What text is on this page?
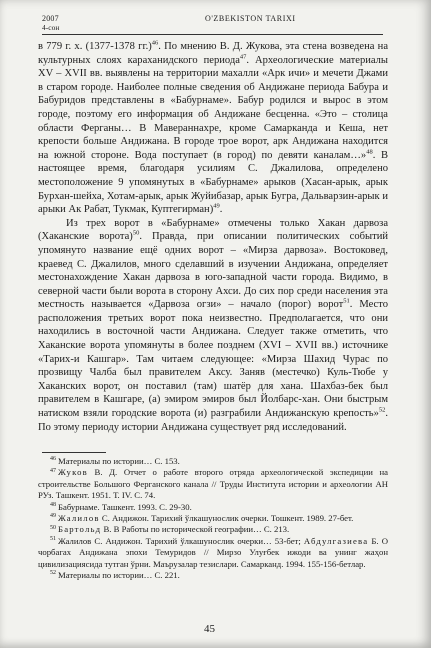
2007
4-сон
O'ZBEKISTON TARIXI

в 779 г. х. (1377-1378 гг.)$^{46}$. По мнению В. Д. Жукова, эта стена возведена на культурных слоях караханидского периода$^{47}$. Археологические материалы XV – XVII вв. выявлены на территории махалли «Арк ичи» и мечети Джами в старом городе. Наиболее полные сведения об Андижане периода Бабура и Бабуридов представлены в «Бабурнаме». Бабур родился и вырос в этом городе, поэтому его информация об Андижане бесценна. «Это – столица области Ферганы… В Мавераннахре, кроме Самарканда и Кеша, нет крепости больше Андижана. В городе трое ворот, арк Андижана находится на южной стороне. Вода поступает (в город) по девяти каналам…»$^{48}$. В настоящее время, благодаря усилиям С. Джалилова, определено местоположение 9 упомянутых в «Бабурнаме» арыков (Хасан-арык, арык Бурхан-шейха, Хотам-арык, арык Жуйибазар, арык Бугра, Дальварзин-арык и арыки Ак Рабат, Тукмак, Куптегирман)$^{49}$.

Из трех ворот в «Бабурнаме» отмечены только Хакан дарвоза (Хаканские ворота)$^{50}$. Правда, при описании политических событий упомянуто название ещё одних ворот – «Мирза дарвоза». Востоковед, краевед С. Джалилов, много сделавший в изучении Андижана, определяет местонахождение Хакан дарвоза в юго-западной части города. Видимо, в северной части были ворота в сторону Ахси. До сих пор среди населения эта местность называется «Дарвоза огзи» – начало (порог) ворот$^{51}$. Место расположения третьих ворот пока неизвестно. Предполагается, что они находились в восточной части Андижана. Следует также отметить, что Хаканские ворота упомянуты в более позднем (XVI – XVII вв.) источнике «Тарих-и Кашгар». Там читаем следующее: «Мирза Шахид Чурас по прозвищу Чалба был правителем Аксу. Заняв (местечко) Куль-Тюбе у Хаканских ворот, он поставил (там) шатёр для хана. Шахбаз-бек был правителем в Кашгаре, (а) эмиром эмиров был Йолбарс-хан. Они быстрым натиском взяли городские ворота (и) разграбили Андижанскую крепость»$^{52}$. По этому периоду истории Андижана существует ряд исследований.

$^{46}$ Материалы по истории… С. 153.

$^{47}$ Жуков В. Д. Отчет о работе второго отряда археологической экспедиции на строительстве Большого Ферганского канала // Труды Института истории и археологии АН РУз. Ташкент. 1951. Т. IV. С. 74.

$^{48}$ Бабурнаме. Ташкент. 1993. С. 29-30.

$^{49}$ Жалилов С. Андижон. Тарихий ўлкашунослик очерки. Тошкент. 1989. 27-бет.

$^{50}$ Бартольд В. В Работы по исторической географии… С. 213.

$^{51}$ Жалилов С. Андижон. Тарихий ўлкашунослик очерки… 53-бет; Абдулгазиева Б. О чорбагах Андижана эпохи Темуридов // Мирзо Улуғбек ижоди ва унинг жаҳон цивилизациясида тутган ўрни. Маърузалар тезислари. Самарканд. 1994. 155-156-бетлар.

$^{52}$ Материалы по истории… С. 221.

45
